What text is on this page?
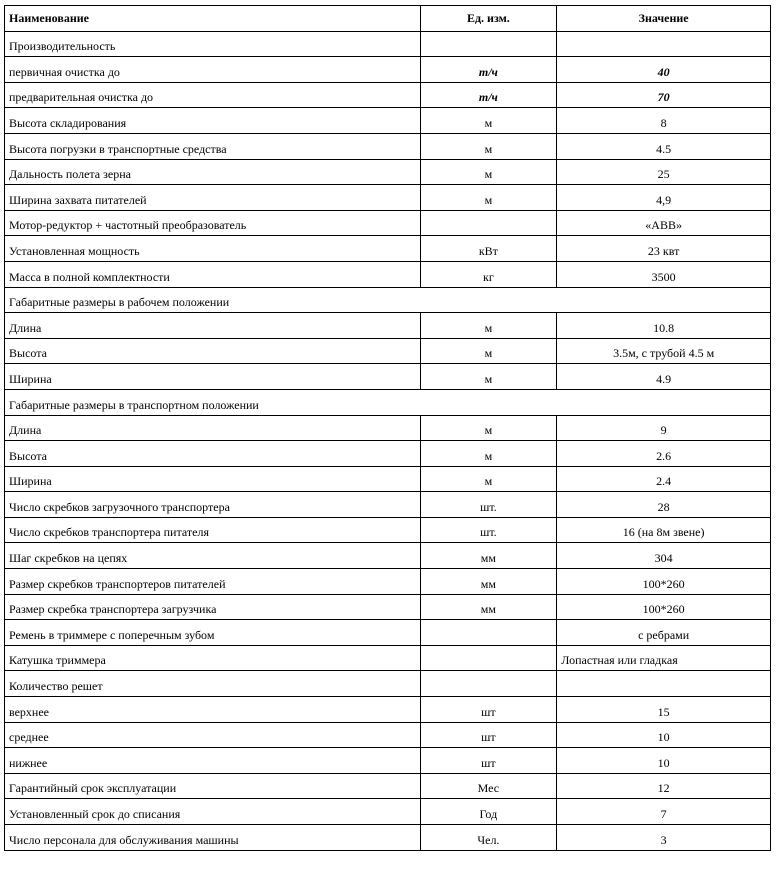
Наименование	Ед. изм.	Значение
Производительность		
первичная очистка до	т/ч	40
предварительная очистка до	т/ч	70
Высота складирования	м	8
Высота погрузки в транспортные средства	м	4.5
Дальность полета зерна	м	25
Ширина захвата питателей	м	4,9
Мотор-редуктор + частотный преобразователь		«ABB»
Установленная мощность	кВт	23 квт
Масса в полной комплектности	кг	3500
Габаритные размеры в рабочем положении		
Длина	м	10.8
Высота	м	3.5м, с трубой 4.5 м
Ширина	м	4.9
Габаритные размеры в транспортном положении		
Длина	м	9
Высота	м	2.6
Ширина	м	2.4
Число скребков загрузочного транспортера	шт.	28
Число скребков транспортера питателя	шт.	16 (на 8м звене)
Шаг скребков на цепях	мм	304
Размер скребков транспортеров питателей	мм	100*260
Размер скребка транспортера загрузчика	мм	100*260
Ремень в триммере с поперечным зубом		с ребрами
Катушка триммера		Лопастная или гладкая
Количество решет		
верхнее	шт	15
среднее	шт	10
нижнее	шт	10
Гарантийный срок эксплуатации	Мес	12
Установленный срок до списания	Год	7
Число персонала для обслуживания машины	Чел.	3
